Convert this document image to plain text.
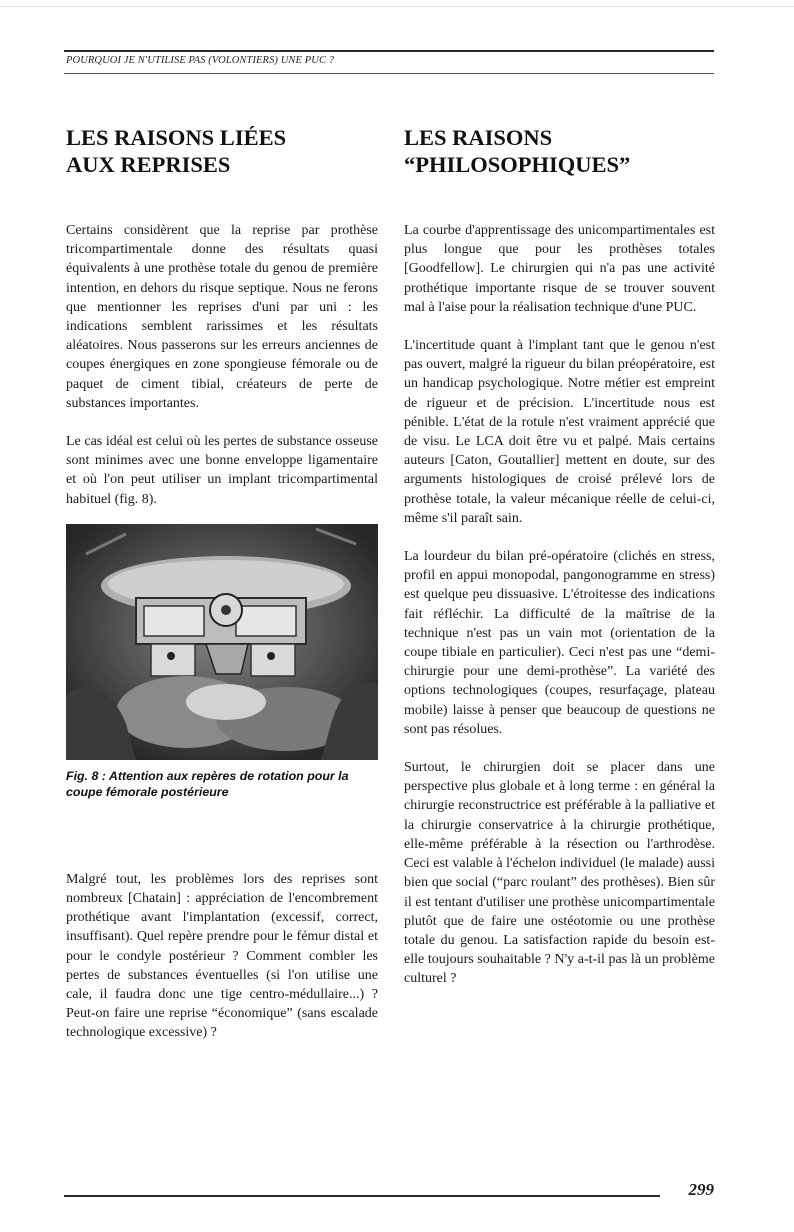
POURQUOI JE N'UTILISE PAS (VOLONTIERS) UNE PUC ?
LES RAISONS LIÉES
AUX REPRISES

Certains considèrent que la reprise par prothèse tricompartimentale donne des résultats quasi équivalents à une prothèse totale du genou de première intention, en dehors du risque septique. Nous ne ferons que mentionner les reprises d'uni par uni : les indications semblent rarissimes et les résultats aléatoires. Nous passerons sur les erreurs anciennes de coupes énergiques en zone spongieuse fémorale ou de paquet de ciment tibial, créateurs de perte de substances importantes.

Le cas idéal est celui où les pertes de substance osseuse sont minimes avec une bonne enveloppe ligamentaire et où l'on peut utiliser un implant tricompartimental habituel (fig. 8).

Fig. 8 : Attention aux repères de rotation pour la coupe fémorale postérieure

Malgré tout, les problèmes lors des reprises sont nombreux [Chatain] : appréciation de l'encombrement prothétique avant l'implantation (excessif, correct, insuffisant). Quel repère prendre pour le fémur distal et pour le condyle postérieur ? Comment combler les pertes de substances éventuelles (si l'on utilise une cale, il faudra donc une tige centro-médullaire...) ? Peut-on faire une reprise “économique” (sans escalade technologique excessive) ?

LES RAISONS
“PHILOSOPHIQUES”

La courbe d'apprentissage des unicompartimentales est plus longue que pour les prothèses totales [Goodfellow]. Le chirurgien qui n'a pas une activité prothétique importante risque de se trouver souvent mal à l'aise pour la réalisation technique d'une PUC.

L'incertitude quant à l'implant tant que le genou n'est pas ouvert, malgré la rigueur du bilan préopératoire, est un handicap psychologique. Notre métier est empreint de rigueur et de précision. L'incertitude nous est pénible. L'état de la rotule n'est vraiment apprécié que de visu. Le LCA doit être vu et palpé. Mais certains auteurs [Caton, Goutallier] mettent en doute, sur des arguments histologiques de croisé prélevé lors de prothèse totale, la valeur mécanique réelle de celui-ci, même s'il paraît sain.

La lourdeur du bilan pré-opératoire (clichés en stress, profil en appui monopodal, pangonogramme en stress) est quelque peu dissuasive. L'étroitesse des indications fait réfléchir. La difficulté de la maîtrise de la technique n'est pas un vain mot (orientation de la coupe tibiale en particulier). Ceci n'est pas une “demi-chirurgie pour une demi-prothèse”. La variété des options technologiques (coupes, resurfaçage, plateau mobile) laisse à penser que beaucoup de questions ne sont pas résolues.

Surtout, le chirurgien doit se placer dans une perspective plus globale et à long terme : en général la chirurgie reconstructrice est préférable à la palliative et la chirurgie conservatrice à la chirurgie prothétique, elle-même préférable à la résection ou l'arthrodèse. Ceci est valable à l'échelon individuel (le malade) aussi bien que social (“parc roulant” des prothèses). Bien sûr il est tentant d'utiliser une prothèse unicompartimentale plutôt que de faire une ostéotomie ou une prothèse totale du genou. La satisfaction rapide du besoin est-elle toujours souhaitable ? N'y a-t-il pas là un problème culturel ?

299
